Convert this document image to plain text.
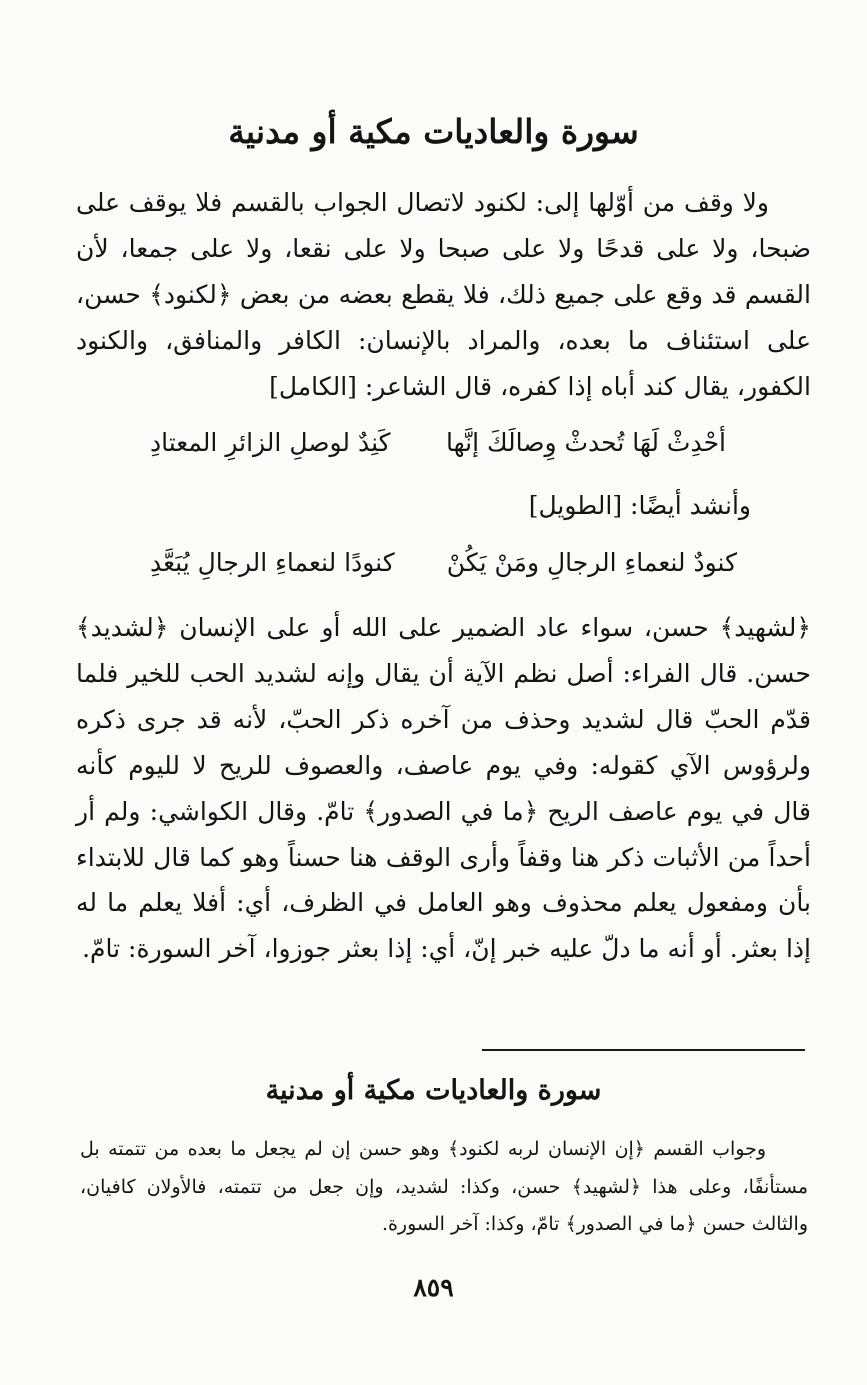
سورة والعاديات مكية أو مدنية

ولا وقف من أوّلها إلى: لكنود لاتصال الجواب بالقسم فلا يوقف على ضبحا، ولا على قدحًا ولا على صبحا ولا على نقعا، ولا على جمعا، لأن القسم قد وقع على جميع ذلك، فلا يقطع بعضه من بعض ﴿لكنود﴾ حسن، على استئناف ما بعده، والمراد بالإنسان: الكافر والمنافق، والكنود الكفور، يقال كند أباه إذا كفره، قال الشاعر: [الكامل]

أحْدِثْ لَهَا تُحدثْ وِصالَكَ إنَّها
كَنِدٌ لوصلِ الزائرِ المعتادِ
وأنشد أيضًا: [الطويل]
كنودٌ لنعماءِ الرجالِ ومَنْ يَكُنْ
كنودًا لنعماءِ الرجالِ يُبَعَّدِ

﴿لشهيد﴾ حسن، سواء عاد الضمير على الله أو على الإنسان ﴿لشديد﴾ حسن. قال الفراء: أصل نظم الآية أن يقال وإنه لشديد الحب للخير فلما قدّم الحبّ قال لشديد وحذف من آخره ذكر الحبّ، لأنه قد جرى ذكره ولرؤوس الآي كقوله: وفي يوم عاصف، والعصوف للريح لا لليوم كأنه قال في يوم عاصف الريح ﴿ما في الصدور﴾ تامّ. وقال الكواشي: ولم أر أحداً من الأثبات ذكر هنا وقفاً وأرى الوقف هنا حسناً وهو كما قال للابتداء بأن ومفعول يعلم محذوف وهو العامل في الظرف، أي: أفلا يعلم ما له إذا بعثر. أو أنه ما دلّ عليه خبر إنّ، أي: إذا بعثر جوزوا، آخر السورة: تامّ.

سورة والعاديات مكية أو مدنية

وجواب القسم ﴿إن الإنسان لربه لكنود﴾ وهو حسن إن لم يجعل ما بعده من تتمته بل مستأنفًا، وعلى هذا ﴿لشهيد﴾ حسن، وكذا: لشديد، وإن جعل من تتمته، فالأولان كافيان، والثالث حسن ﴿ما في الصدور﴾ تامّ، وكذا: آخر السورة.

٨٥٩
